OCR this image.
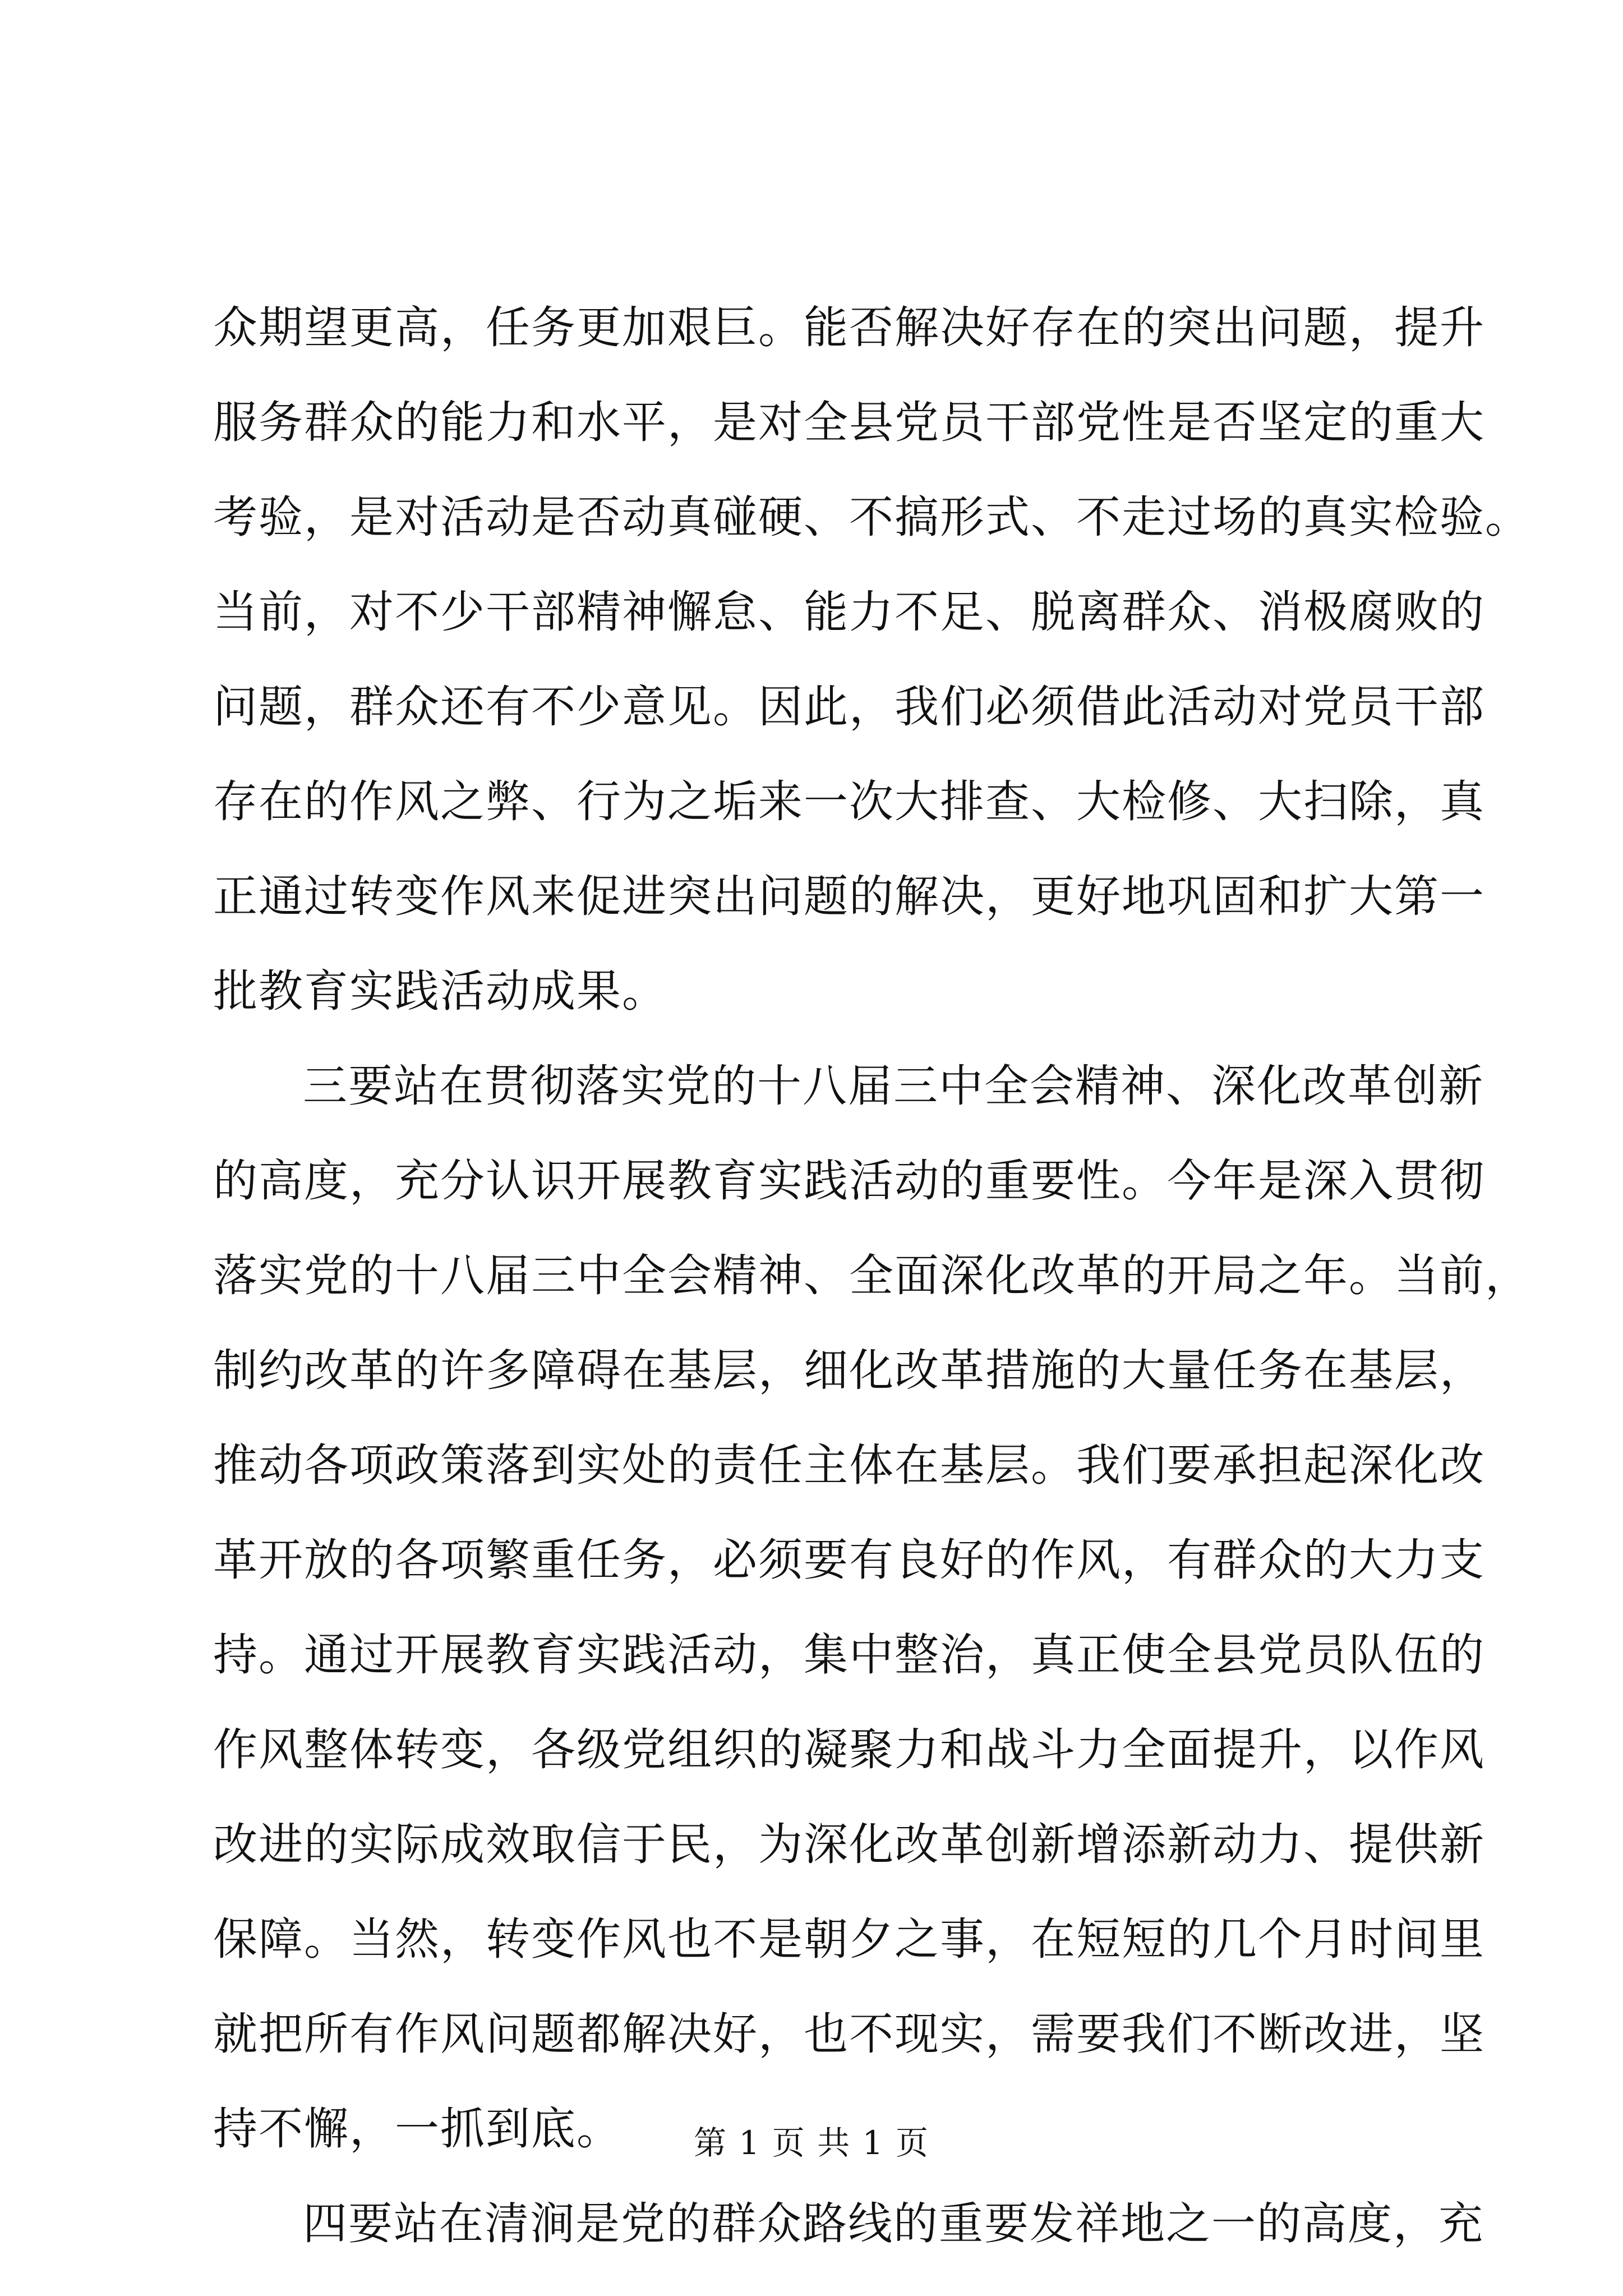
众期望更高，任务更加艰巨。能否解决好存在的突出问题，提升
服务群众的能力和水平，是对全县党员干部党性是否坚定的重大
考验，是对活动是否动真碰硬、不搞形式、不走过场的真实检验。
当前，对不少干部精神懈怠、能力不足、脱离群众、消极腐败的
问题，群众还有不少意见。因此，我们必须借此活动对党员干部
存在的作风之弊、行为之垢来一次大排查、大检修、大扫除，真
正通过转变作风来促进突出问题的解决，更好地巩固和扩大第一
批教育实践活动成果。
三要站在贯彻落实党的十八届三中全会精神、深化改革创新
的高度，充分认识开展教育实践活动的重要性。今年是深入贯彻
落实党的十八届三中全会精神、全面深化改革的开局之年。当前，
制约改革的许多障碍在基层，细化改革措施的大量任务在基层，
推动各项政策落到实处的责任主体在基层。我们要承担起深化改
革开放的各项繁重任务，必须要有良好的作风，有群众的大力支
持。通过开展教育实践活动，集中整治，真正使全县党员队伍的
作风整体转变，各级党组织的凝聚力和战斗力全面提升，以作风
改进的实际成效取信于民，为深化改革创新增添新动力、提供新
保障。当然，转变作风也不是朝夕之事，在短短的几个月时间里
就把所有作风问题都解决好，也不现实，需要我们不断改进，坚
持不懈，一抓到底。
四要站在清涧是党的群众路线的重要发祥地之一的高度，充
第 1 页 共 1 页
